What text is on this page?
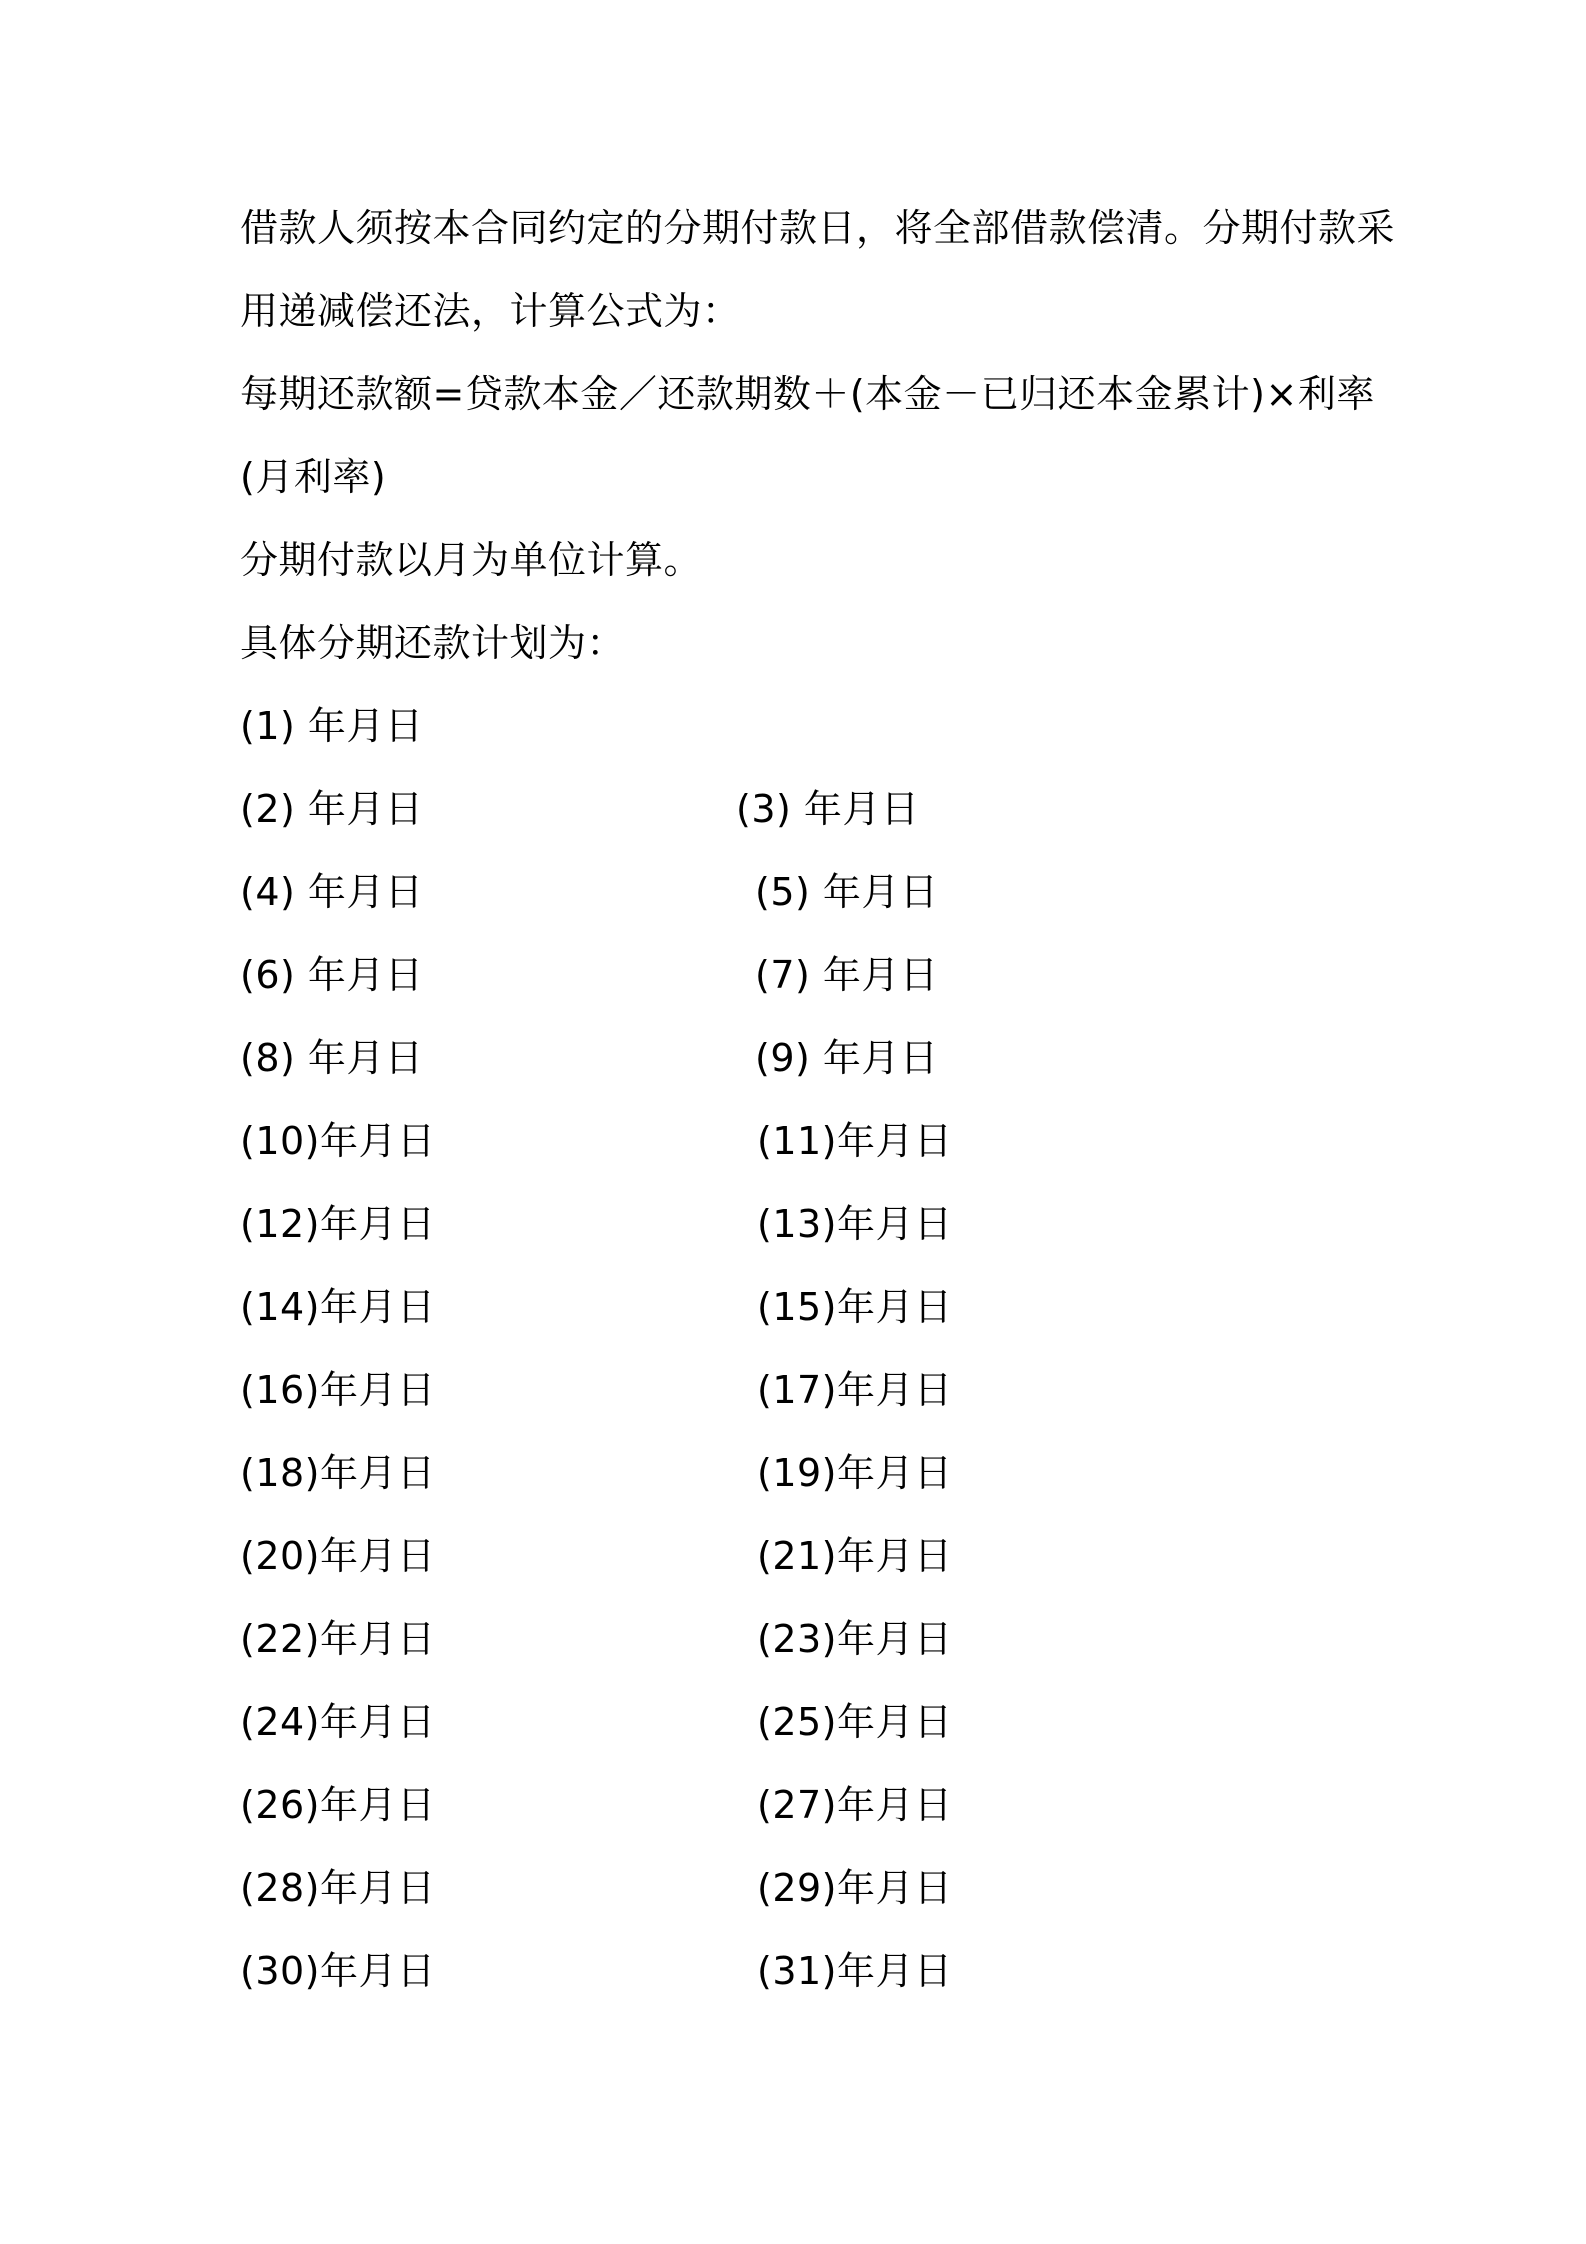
借款人须按本合同约定的分期付款日，将全部借款偿清。分期付款采
用递减偿还法，计算公式为：
每期还款额=贷款本金／还款期数＋(本金－已归还本金累计)×利率
(月利率)
分期付款以月为单位计算。
具体分期还款计划为：
(1) 年月日
(2) 年月日	(3) 年月日
(4) 年月日	(5) 年月日
(6) 年月日	(7) 年月日
(8) 年月日	(9) 年月日
(10)年月日	(11)年月日
(12)年月日	(13)年月日
(14)年月日	(15)年月日
(16)年月日	(17)年月日
(18)年月日	(19)年月日
(20)年月日	(21)年月日
(22)年月日	(23)年月日
(24)年月日	(25)年月日
(26)年月日	(27)年月日
(28)年月日	(29)年月日
(30)年月日	(31)年月日
